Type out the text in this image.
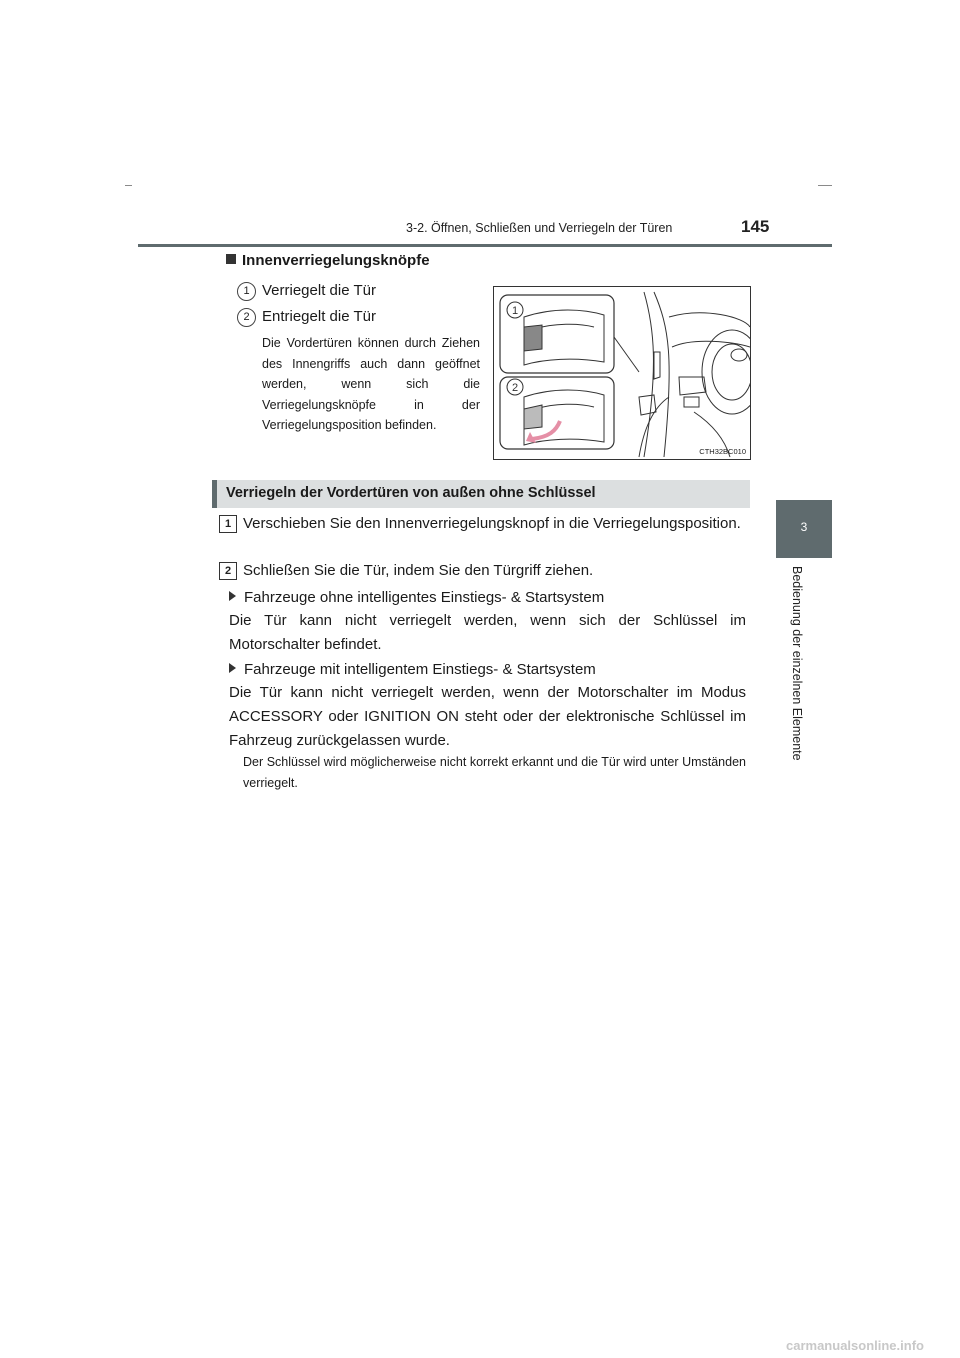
3-2. Öffnen, Schließen und Verriegeln der Türen	145
3
Bedienung der einzelnen Elemente
Innenverriegelungsknöpfe
1 Verriegelt die Tür
2 Entriegelt die Tür
Die Vordertüren können durch Ziehen des Innengriffs auch dann geöffnet werden, wenn sich die Verriegelungsknöpfe in der Verriegelungsposition befinden.
1
2
CTH32BC010
Verriegeln der Vordertüren von außen ohne Schlüssel
1 Verschieben Sie den Innenverriegelungsknopf in die Verriegelungsposition.
2 Schließen Sie die Tür, indem Sie den Türgriff ziehen.
Fahrzeuge ohne intelligentes Einstiegs- & Startsystem
Die Tür kann nicht verriegelt werden, wenn sich der Schlüssel im Motorschalter befindet.
Fahrzeuge mit intelligentem Einstiegs- & Startsystem
Die Tür kann nicht verriegelt werden, wenn der Motorschalter im Modus ACCESSORY oder IGNITION ON steht oder der elektronische Schlüssel im Fahrzeug zurückgelassen wurde.
Der Schlüssel wird möglicherweise nicht korrekt erkannt und die Tür wird unter Umständen verriegelt.
carmanualsonline.info
